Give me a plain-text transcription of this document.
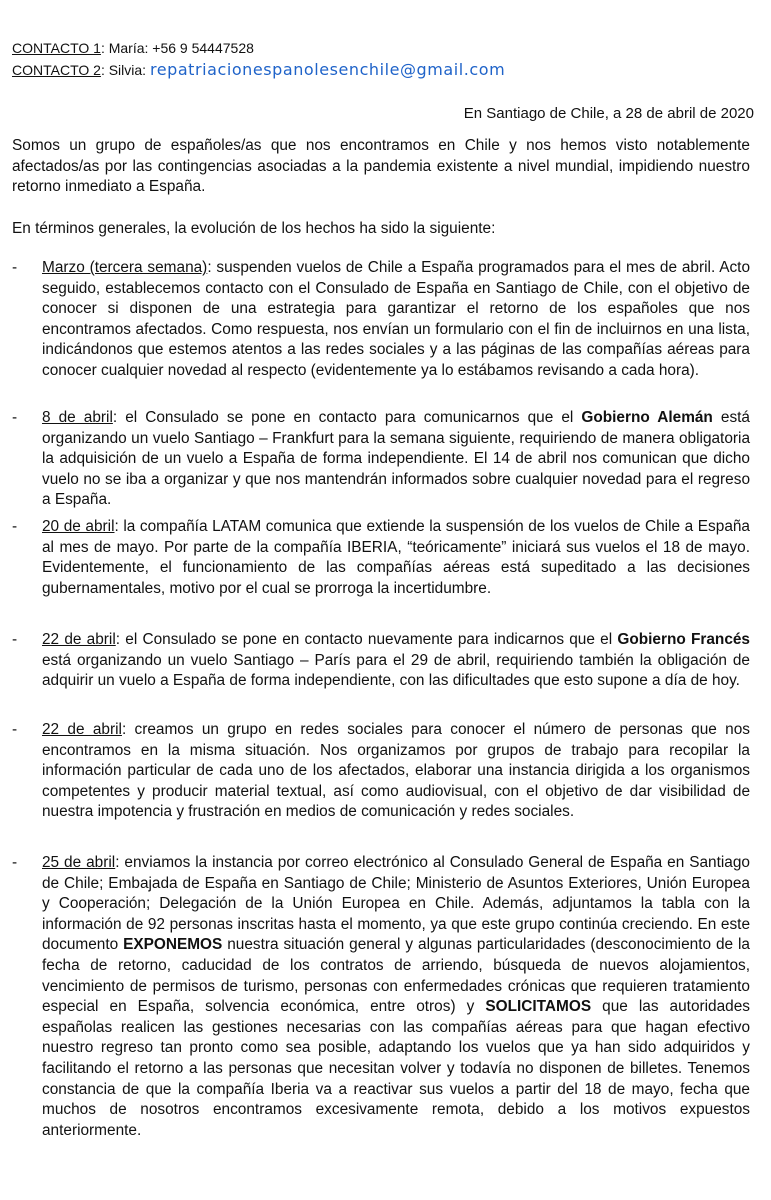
CONTACTO 1: María: +56 9 54447528
CONTACTO 2: Silvia: repatriacionespanolesenchile@gmail.com
En Santiago de Chile, a 28 de abril de 2020
Somos un grupo de españoles/as que nos encontramos en Chile y nos hemos visto notablemente afectados/as por las contingencias asociadas a la pandemia existente a nivel mundial, impidiendo nuestro retorno inmediato a España.
En términos generales, la evolución de los hechos ha sido la siguiente:
- Marzo (tercera semana): suspenden vuelos de Chile a España programados para el mes de abril. Acto seguido, establecemos contacto con el Consulado de España en Santiago de Chile, con el objetivo de conocer si disponen de una estrategia para garantizar el retorno de los españoles que nos encontramos afectados. Como respuesta, nos envían un formulario con el fin de incluirnos en una lista, indicándonos que estemos atentos a las redes sociales y a las páginas de las compañías aéreas para conocer cualquier novedad al respecto (evidentemente ya lo estábamos revisando a cada hora).
- 8 de abril: el Consulado se pone en contacto para comunicarnos que el Gobierno Alemán está organizando un vuelo Santiago – Frankfurt para la semana siguiente, requiriendo de manera obligatoria la adquisición de un vuelo a España de forma independiente. El 14 de abril nos comunican que dicho vuelo no se iba a organizar y que nos mantendrán informados sobre cualquier novedad para el regreso a España.
- 20 de abril: la compañía LATAM comunica que extiende la suspensión de los vuelos de Chile a España al mes de mayo. Por parte de la compañía IBERIA, “teóricamente” iniciará sus vuelos el 18 de mayo. Evidentemente, el funcionamiento de las compañías aéreas está supeditado a las decisiones gubernamentales, motivo por el cual se prorroga la incertidumbre.
- 22 de abril: el Consulado se pone en contacto nuevamente para indicarnos que el Gobierno Francés está organizando un vuelo Santiago – París para el 29 de abril, requiriendo también la obligación de adquirir un vuelo a España de forma independiente, con las dificultades que esto supone a día de hoy.
- 22 de abril: creamos un grupo en redes sociales para conocer el número de personas que nos encontramos en la misma situación. Nos organizamos por grupos de trabajo para recopilar la información particular de cada uno de los afectados, elaborar una instancia dirigida a los organismos competentes y producir material textual, así como audiovisual, con el objetivo de dar visibilidad de nuestra impotencia y frustración en medios de comunicación y redes sociales.
- 25 de abril: enviamos la instancia por correo electrónico al Consulado General de España en Santiago de Chile; Embajada de España en Santiago de Chile; Ministerio de Asuntos Exteriores, Unión Europea y Cooperación; Delegación de la Unión Europea en Chile. Además, adjuntamos la tabla con la información de 92 personas inscritas hasta el momento, ya que este grupo continúa creciendo. En este documento EXPONEMOS nuestra situación general y algunas particularidades (desconocimiento de la fecha de retorno, caducidad de los contratos de arriendo, búsqueda de nuevos alojamientos, vencimiento de permisos de turismo, personas con enfermedades crónicas que requieren tratamiento especial en España, solvencia económica, entre otros) y SOLICITAMOS que las autoridades españolas realicen las gestiones necesarias con las compañías aéreas para que hagan efectivo nuestro regreso tan pronto como sea posible, adaptando los vuelos que ya han sido adquiridos y facilitando el retorno a las personas que necesitan volver y todavía no disponen de billetes. Tenemos constancia de que la compañía Iberia va a reactivar sus vuelos a partir del 18 de mayo, fecha que muchos de nosotros encontramos excesivamente remota, debido a los motivos expuestos anteriormente.
